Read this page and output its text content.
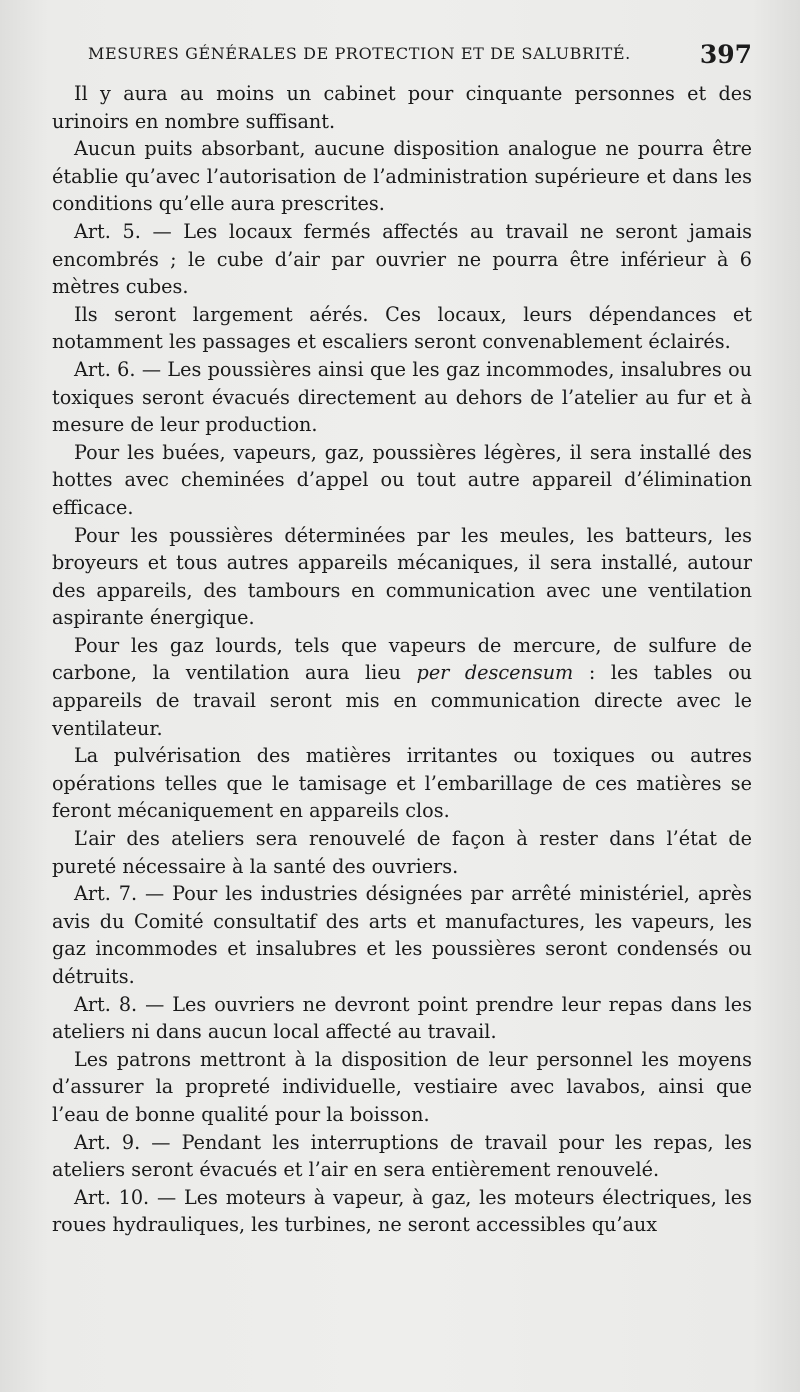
MESURES GÉNÉRALES DE PROTECTION ET DE SALUBRITÉ.	397

Il y aura au moins un cabinet pour cinquante personnes et des urinoirs en nombre suffisant.

Aucun puits absorbant, aucune disposition analogue ne pourra être établie qu’avec l’autorisation de l’administration supérieure et dans les conditions qu’elle aura prescrites.

Art. 5. — Les locaux fermés affectés au travail ne seront jamais encombrés ; le cube d’air par ouvrier ne pourra être inférieur à 6 mètres cubes.

Ils seront largement aérés. Ces locaux, leurs dépendances et notamment les passages et escaliers seront convenablement éclairés.

Art. 6. — Les poussières ainsi que les gaz incommodes, insalubres ou toxiques seront évacués directement au dehors de l’atelier au fur et à mesure de leur production.

Pour les buées, vapeurs, gaz, poussières légères, il sera installé des hottes avec cheminées d’appel ou tout autre appareil d’élimination efficace.

Pour les poussières déterminées par les meules, les batteurs, les broyeurs et tous autres appareils mécaniques, il sera installé, autour des appareils, des tambours en communication avec une ventilation aspirante énergique.

Pour les gaz lourds, tels que vapeurs de mercure, de sulfure de carbone, la ventilation aura lieu per descensum : les tables ou appareils de travail seront mis en communication directe avec le ventilateur.

La pulvérisation des matières irritantes ou toxiques ou autres opérations telles que le tamisage et l’embarillage de ces matières se feront mécaniquement en appareils clos.

L’air des ateliers sera renouvelé de façon à rester dans l’état de pureté nécessaire à la santé des ouvriers.

Art. 7. — Pour les industries désignées par arrêté ministériel, après avis du Comité consultatif des arts et manufactures, les vapeurs, les gaz incommodes et insalubres et les poussières seront condensés ou détruits.

Art. 8. — Les ouvriers ne devront point prendre leur repas dans les ateliers ni dans aucun local affecté au travail.

Les patrons mettront à la disposition de leur personnel les moyens d’assurer la propreté individuelle, vestiaire avec lavabos, ainsi que l’eau de bonne qualité pour la boisson.

Art. 9. — Pendant les interruptions de travail pour les repas, les ateliers seront évacués et l’air en sera entièrement renouvelé.

Art. 10. — Les moteurs à vapeur, à gaz, les moteurs électriques, les roues hydrauliques, les turbines, ne seront accessibles qu’aux
